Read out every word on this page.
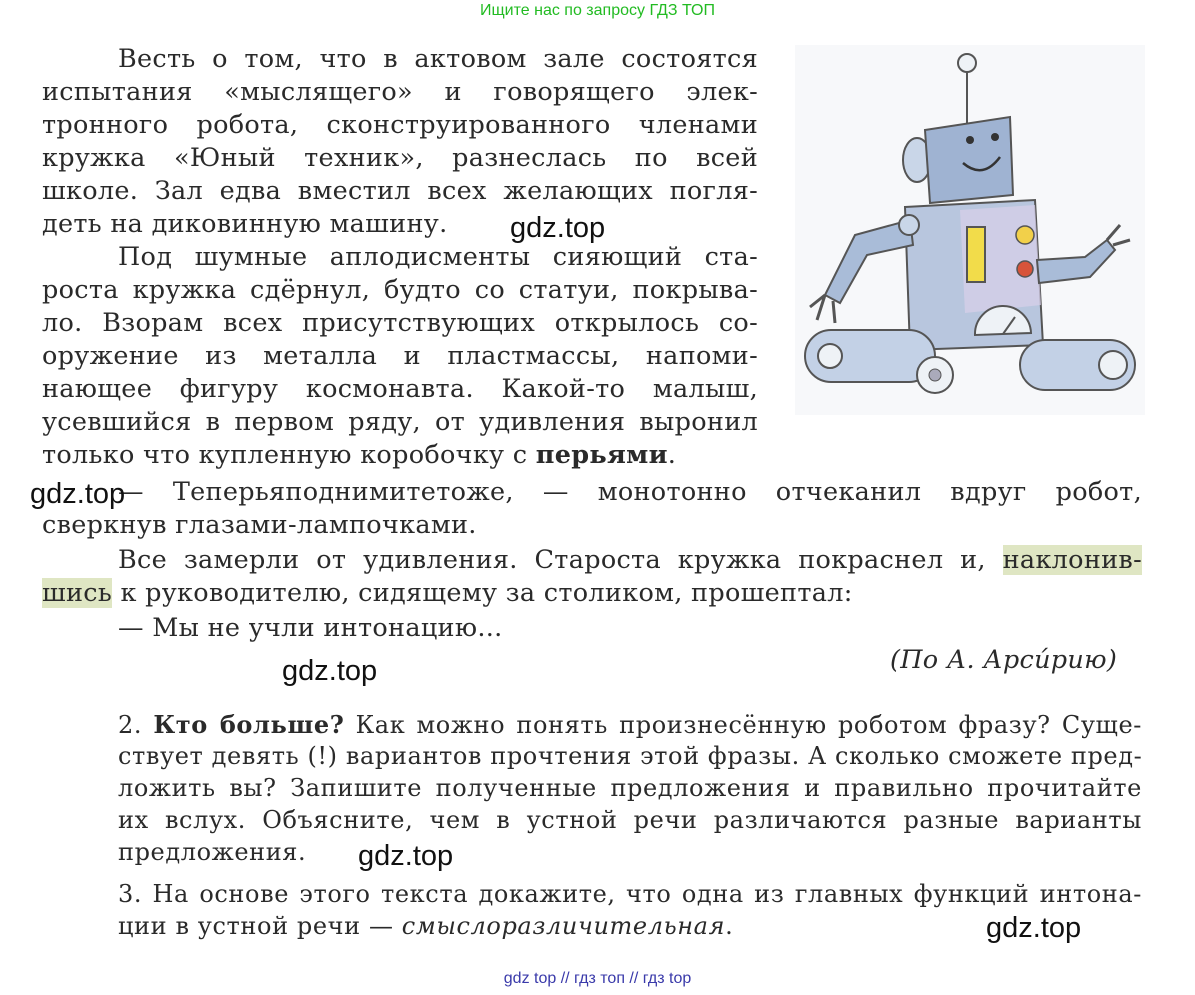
Ищите нас по запросу ГДЗ ТОП
Весть о том, что в актовом зале состоятся
испытания «мыслящего» и говорящего элек-
тронного робота, сконструированного членами
кружка «Юный техник», разнеслась по всей
школе. Зал едва вместил всех желающих погля-
деть на диковинную машину.
Под шумные аплодисменты сияющий ста-
роста кружка сдёрнул, будто со статуи, покрыва-
ло. Взорам всех присутствующих открылось со-
оружение из металла и пластмассы, напоми-
нающее фигуру космонавта. Какой-то малыш,
усевшийся в первом ряду, от удивления выронил
только что купленную коробочку с перьями.
— Теперьяподнимитетоже, — монотонно отчеканил вдруг робот,
сверкнув глазами-лампочками.
Все замерли от удивления. Староста кружка покраснел и, наклонив-
шись к руководителю, сидящему за столиком, прошептал:
— Мы не учли интонацию...
(По А. Арси́рию)
2. Кто больше? Как можно понять произнесённую роботом фразу? Суще-
ствует девять (!) вариантов прочтения этой фразы. А сколько сможете пред-
ложить вы? Запишите полученные предложения и правильно прочитайте
их вслух. Объясните, чем в устной речи различаются разные варианты
предложения.
3. На основе этого текста докажите, что одна из главных функций интона-
ции в устной речи — смыслоразличительная.
gdz.top
gdz.top
gdz.top
gdz.top
gdz.top
gdz top // гдз топ // гдз top
